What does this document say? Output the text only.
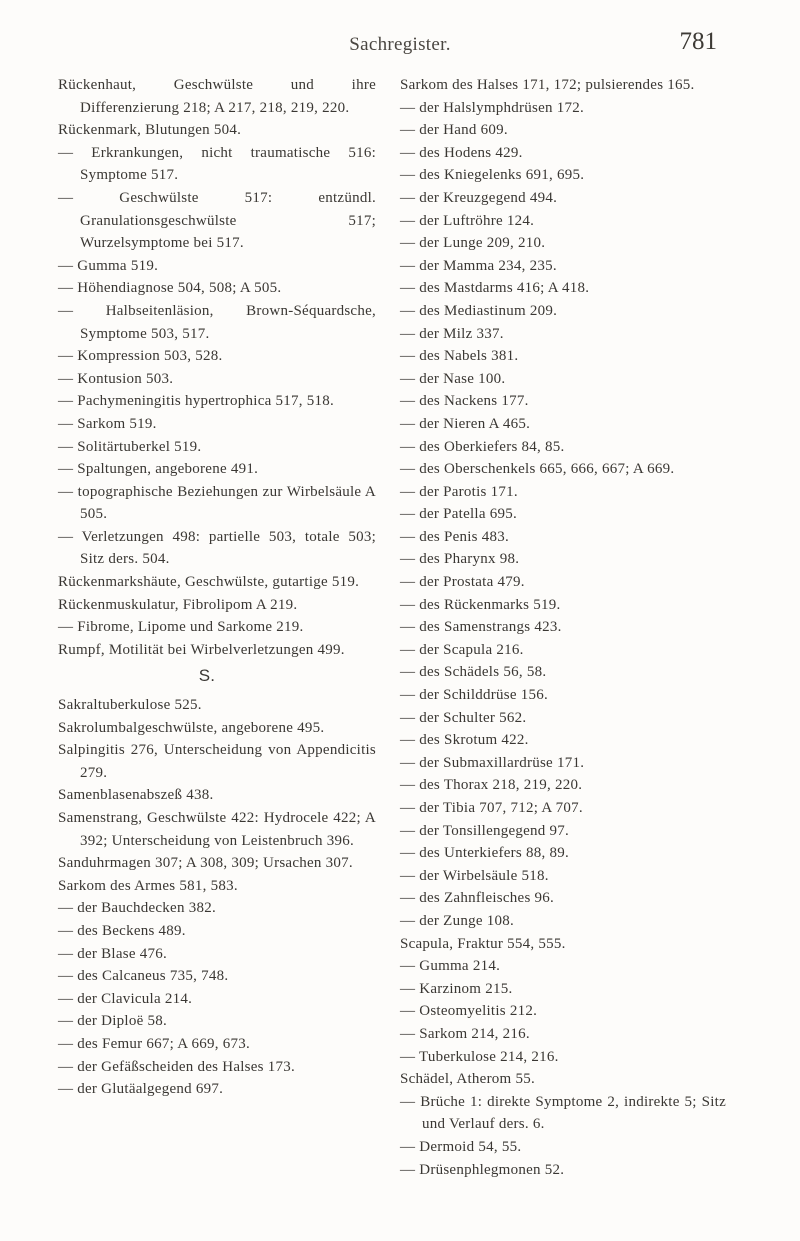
Sachregister.	781
Rückenhaut, Geschwülste und ihre Differenzierung 218; A 217, 218, 219, 220.
Rückenmark, Blutungen 504.
— Erkrankungen, nicht traumatische 516: Symptome 517.
— Geschwülste 517: entzündl. Granulationsgeschwülste 517; Wurzelsymptome bei 517.
— Gumma 519.
— Höhendiagnose 504, 508; A 505.
— Halbseitenläsion, Brown-Séquardsche, Symptome 503, 517.
— Kompression 503, 528.
— Kontusion 503.
— Pachymeningitis hypertrophica 517, 518.
— Sarkom 519.
— Solitärtuberkel 519.
— Spaltungen, angeborene 491.
— topographische Beziehungen zur Wirbelsäule A 505.
— Verletzungen 498: partielle 503, totale 503; Sitz ders. 504.
Rückenmarkshäute, Geschwülste, gutartige 519.
Rückenmuskulatur, Fibrolipom A 219.
— Fibrome, Lipome und Sarkome 219.
Rumpf, Motilität bei Wirbelverletzungen 499.
S.
Sakraltuberkulose 525.
Sakrolumbalgeschwülste, angeborene 495.
Salpingitis 276, Unterscheidung von Appendicitis 279.
Samenblasenabszeß 438.
Samenstrang, Geschwülste 422: Hydrocele 422; A 392; Unterscheidung von Leistenbruch 396.
Sanduhrmagen 307; A 308, 309; Ursachen 307.
Sarkom des Armes 581, 583.
— der Bauchdecken 382.
— des Beckens 489.
— der Blase 476.
— des Calcaneus 735, 748.
— der Clavicula 214.
— der Diploë 58.
— des Femur 667; A 669, 673.
— der Gefäßscheiden des Halses 173.
— der Glutäalgegend 697.
Sarkom des Halses 171, 172; pulsierendes 165.
— der Halslymphdrüsen 172.
— der Hand 609.
— des Hodens 429.
— des Kniegelenks 691, 695.
— der Kreuzgegend 494.
— der Luftröhre 124.
— der Lunge 209, 210.
— der Mamma 234, 235.
— des Mastdarms 416; A 418.
— des Mediastinum 209.
— der Milz 337.
— des Nabels 381.
— der Nase 100.
— des Nackens 177.
— der Nieren A 465.
— des Oberkiefers 84, 85.
— des Oberschenkels 665, 666, 667; A 669.
— der Parotis 171.
— der Patella 695.
— des Penis 483.
— des Pharynx 98.
— der Prostata 479.
— des Rückenmarks 519.
— des Samenstrangs 423.
— der Scapula 216.
— des Schädels 56, 58.
— der Schilddrüse 156.
— der Schulter 562.
— des Skrotum 422.
— der Submaxillardrüse 171.
— des Thorax 218, 219, 220.
— der Tibia 707, 712; A 707.
— der Tonsillengegend 97.
— des Unterkiefers 88, 89.
— der Wirbelsäule 518.
— des Zahnfleisches 96.
— der Zunge 108.
Scapula, Fraktur 554, 555.
— Gumma 214.
— Karzinom 215.
— Osteomyelitis 212.
— Sarkom 214, 216.
— Tuberkulose 214, 216.
Schädel, Atherom 55.
— Brüche 1: direkte Symptome 2, indirekte 5; Sitz und Verlauf ders. 6.
— Dermoid 54, 55.
— Drüsenphlegmonen 52.
